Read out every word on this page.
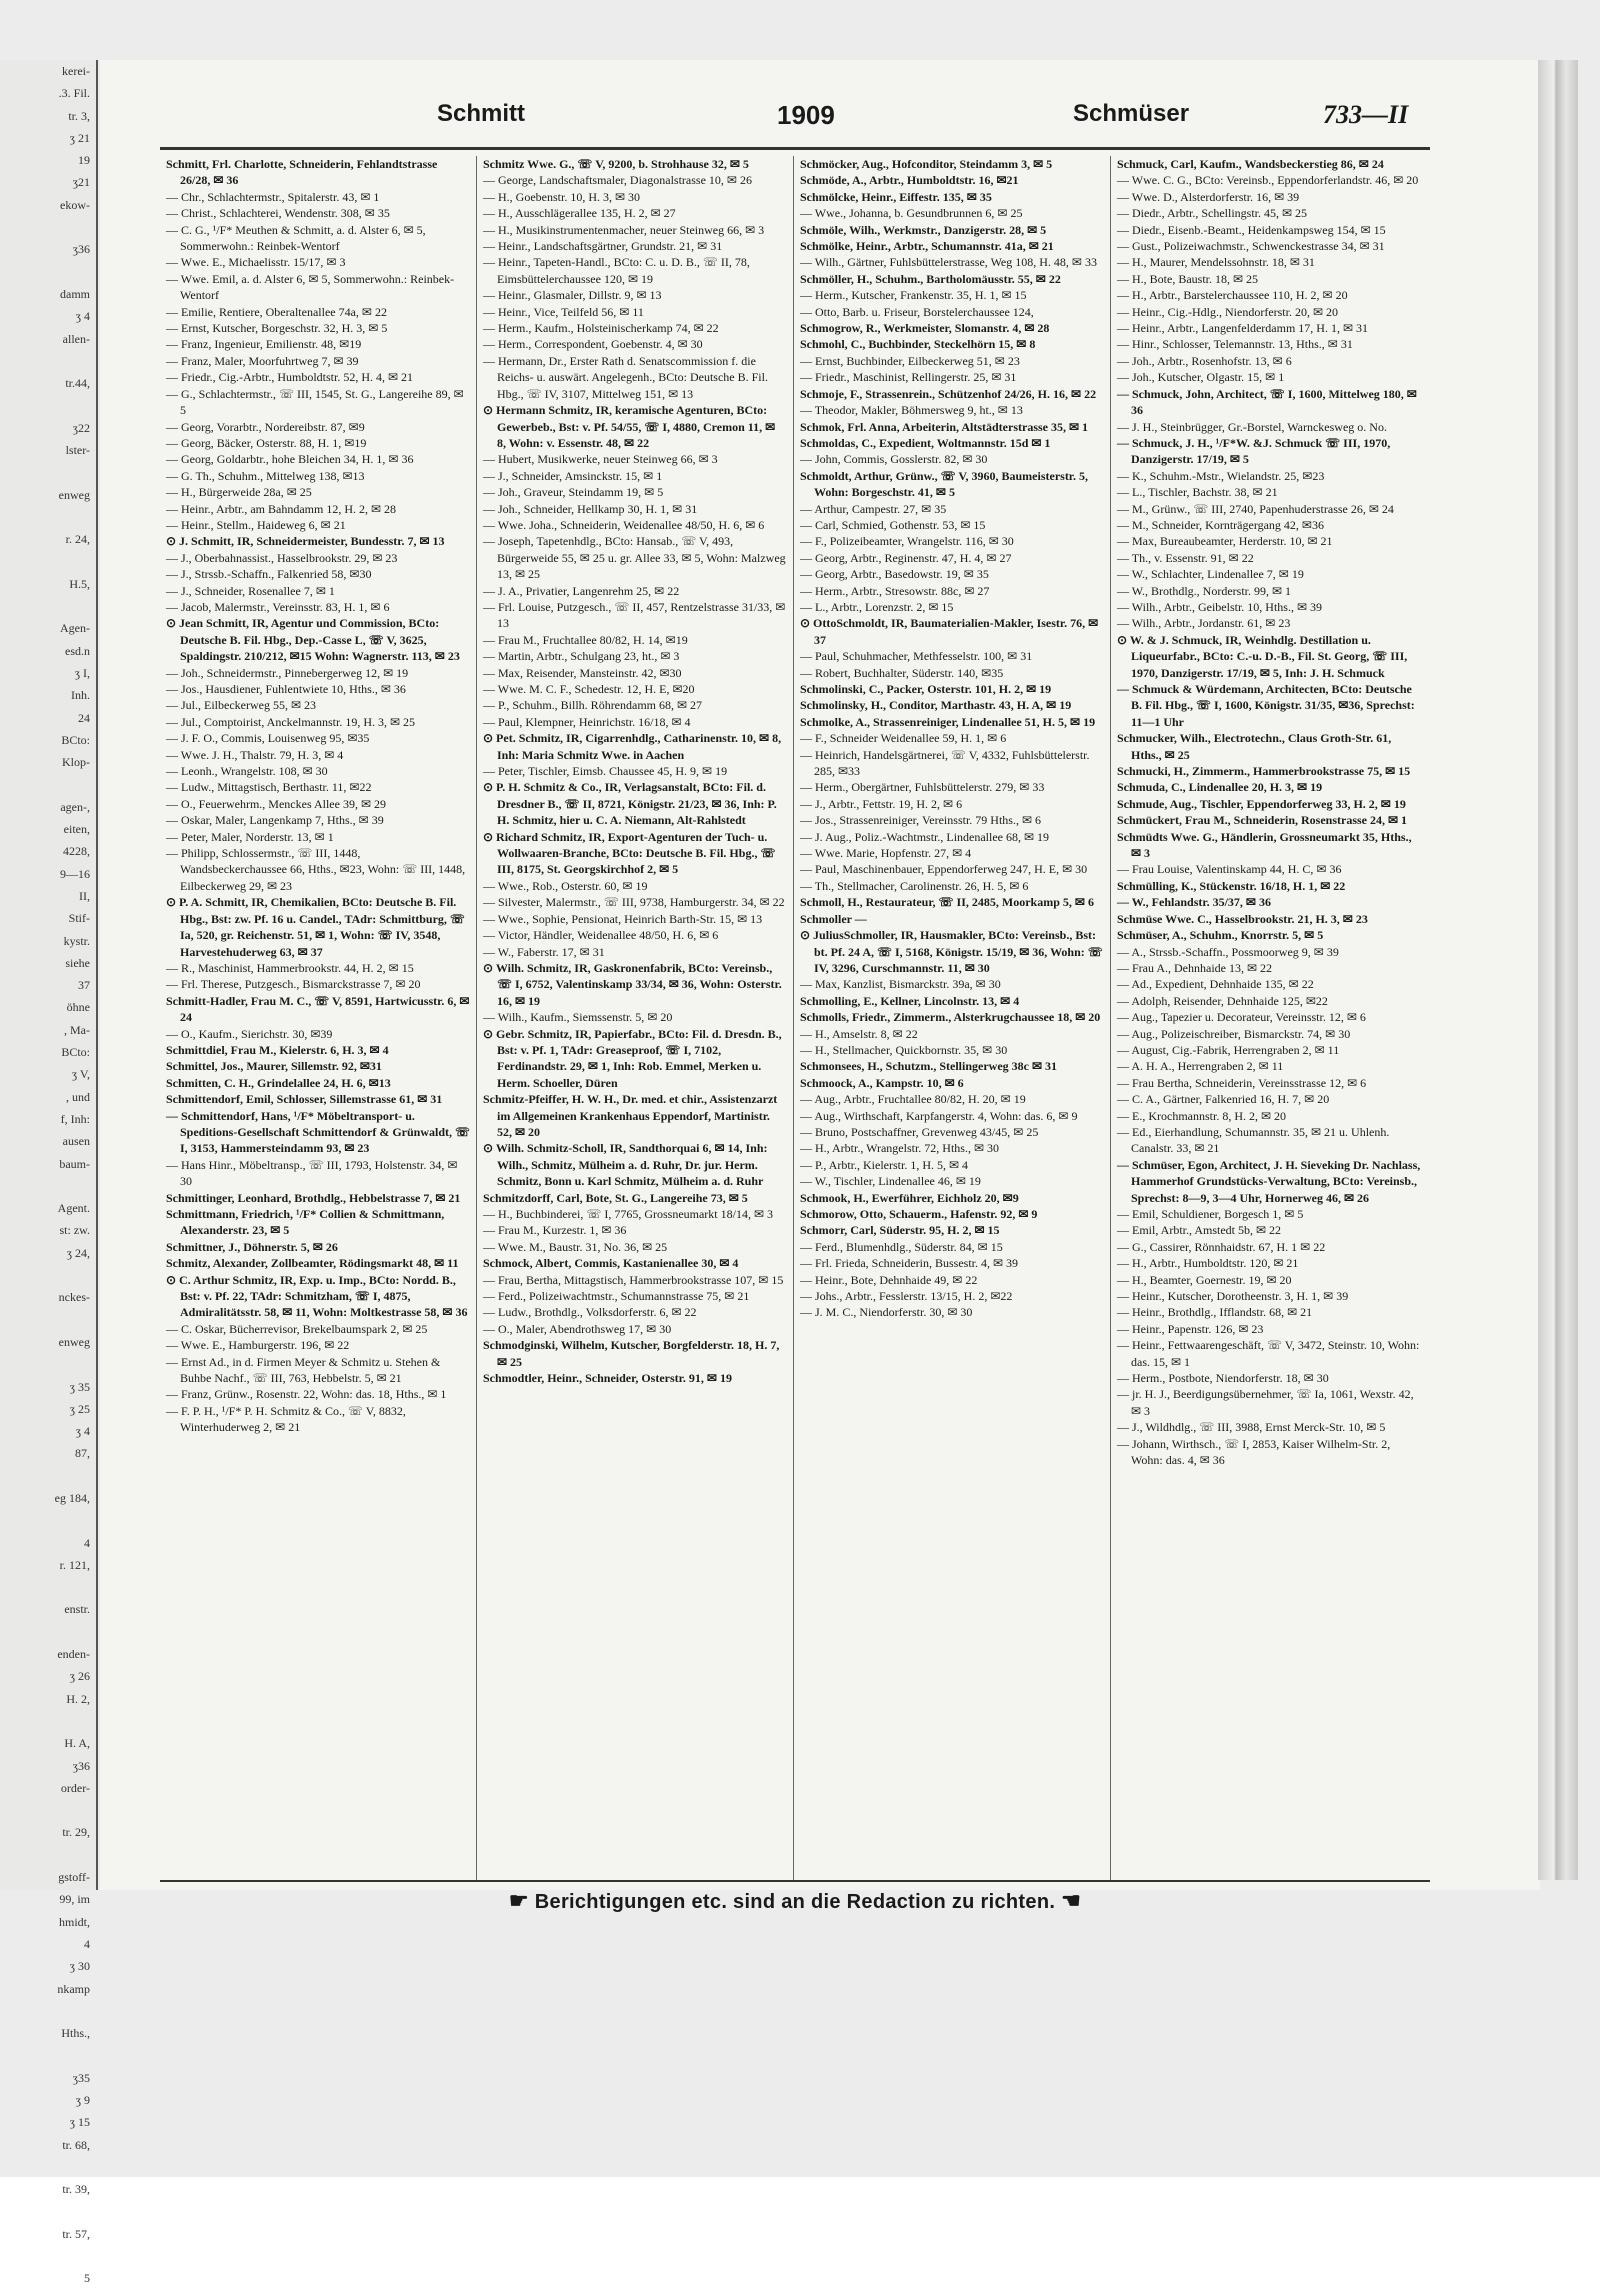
kerei-
.3. Fil.
tr. 3,
ʒ 21
19
ʒ21
ekow-

ʒ36

damm
ʒ 4
allen-

tr.44,

ʒ22
lster-

enweg

r. 24,

H.5,

Agen-
esd.n
ʒ I,
Inh.
24
BCto:
Klop-

agen-,
eiten,
4228,
9—16
II,
Stif-
kystr.
siehe
37
öhne
, Ma-
BCto:
ʒ V,
, und
f, Inh:
ausen
baum-

Agent.
st: zw.
ʒ 24,

nckes-

enweg

ʒ 35
ʒ 25
ʒ 4
87,

eg 184,

4
r. 121,

enstr.

enden-
ʒ 26
H. 2,

H. A,
ʒ36
order-

tr. 29,

gstoff-
99, im
hmidt,
4
ʒ 30
nkamp

Hths.,

ʒ35
ʒ 9
ʒ 15
tr. 68,

tr. 39,

tr. 57,

5
Schmitt	1909	Schmüser	733—II

Schmitt, Frl. Charlotte, Schneiderin, Fehlandtstrasse 26/28, ✉ 36

— Chr., Schlachtermstr., Spitalerstr. 43, ✉ 1

— Christ., Schlachterei, Wendenstr. 308, ✉ 35

— C. G., ¹/F* Meuthen & Schmitt, a. d. Alster 6, ✉ 5, Sommerwohn.: Reinbek-Wentorf

— Wwe. E., Michaelisstr. 15/17, ✉ 3

— Wwe. Emil, a. d. Alster 6, ✉ 5, Sommerwohn.: Reinbek-Wentorf

— Emilie, Rentiere, Oberaltenallee 74a, ✉ 22

— Ernst, Kutscher, Borgeschstr. 32, H. 3, ✉ 5

— Franz, Ingenieur, Emilienstr. 48, ✉19

— Franz, Maler, Moorfuhrtweg 7, ✉ 39

— Friedr., Cig.-Arbtr., Humboldtstr. 52, H. 4, ✉ 21

— G., Schlachtermstr., ☏ III, 1545, St. G., Langereihe 89, ✉ 5

— Georg, Vorarbtr., Nordereibstr. 87, ✉9

— Georg, Bäcker, Osterstr. 88, H. 1, ✉19

— Georg, Goldarbtr., hohe Bleichen 34, H. 1, ✉ 36

— G. Th., Schuhm., Mittelweg 138, ✉13

— H., Bürgerweide 28a, ✉ 25

— Heinr., Arbtr., am Bahndamm 12, H. 2, ✉ 28

— Heinr., Stellm., Haideweg 6, ✉ 21

⊙ J. Schmitt, IR, Schneidermeister, Bundesstr. 7, ✉ 13

— J., Oberbahnassist., Hasselbrookstr. 29, ✉ 23

— J., Strssb.-Schaffn., Falkenried 58, ✉30

— J., Schneider, Rosenallee 7, ✉ 1

— Jacob, Malermstr., Vereinsstr. 83, H. 1, ✉ 6

⊙ Jean Schmitt, IR, Agentur und Commission, BCto: Deutsche B. Fil. Hbg., Dep.-Casse L, ☏ V, 3625, Spaldingstr. 210/212, ✉15 Wohn: Wagnerstr. 113, ✉ 23

— Joh., Schneidermstr., Pinnebergerweg 12, ✉ 19

— Jos., Hausdiener, Fuhlentwiete 10, Hths., ✉ 36

— Jul., Eilbeckerweg 55, ✉ 23

— Jul., Comptoirist, Anckelmannstr. 19, H. 3, ✉ 25

— J. F. O., Commis, Louisenweg 95, ✉35

— Wwe. J. H., Thalstr. 79, H. 3, ✉ 4

— Leonh., Wrangelstr. 108, ✉ 30

— Ludw., Mittagstisch, Berthastr. 11, ✉22

— O., Feuerwehrm., Menckes Allee 39, ✉ 29

— Oskar, Maler, Langenkamp 7, Hths., ✉ 39

— Peter, Maler, Norderstr. 13, ✉ 1

— Philipp, Schlossermstr., ☏ III, 1448, Wandsbeckerchaussee 66, Hths., ✉23, Wohn: ☏ III, 1448, Eilbeckerweg 29, ✉ 23

⊙ P. A. Schmitt, IR, Chemikalien, BCto: Deutsche B. Fil. Hbg., Bst: zw. Pf. 16 u. Candel., TAdr: Schmittburg, ☏ Ia, 520, gr. Reichenstr. 51, ✉ 1, Wohn: ☏ IV, 3548, Harvestehuderweg 63, ✉ 37

— R., Maschinist, Hammerbrookstr. 44, H. 2, ✉ 15

— Frl. Therese, Putzgesch., Bismarckstrasse 7, ✉ 20

Schmitt-Hadler, Frau M. C., ☏ V, 8591, Hartwicusstr. 6, ✉ 24

— O., Kaufm., Sierichstr. 30, ✉39

Schmittdiel, Frau M., Kielerstr. 6, H. 3, ✉ 4

Schmittel, Jos., Maurer, Sillemstr. 92, ✉31

Schmitten, C. H., Grindelallee 24, H. 6, ✉13

Schmittendorf, Emil, Schlosser, Sillemstrasse 61, ✉ 31

— Schmittendorf, Hans, ¹/F* Möbeltransport- u. Speditions-Gesellschaft Schmittendorf & Grünwaldt, ☏ I, 3153, Hammersteindamm 93, ✉ 23

— Hans Hinr., Möbeltransp., ☏ III, 1793, Holstenstr. 34, ✉ 30

Schmittinger, Leonhard, Brothdlg., Hebbelstrasse 7, ✉ 21

Schmittmann, Friedrich, ¹/F* Collien & Schmittmann, Alexanderstr. 23, ✉ 5

Schmittner, J., Döhnerstr. 5, ✉ 26

Schmitz, Alexander, Zollbeamter, Rödingsmarkt 48, ✉ 11

⊙ C. Arthur Schmitz, IR, Exp. u. Imp., BCto: Nordd. B., Bst: v. Pf. 22, TAdr: Schmitzham, ☏ I, 4875, Admiralitätsstr. 58, ✉ 11, Wohn: Moltkestrasse 58, ✉ 36

— C. Oskar, Bücherrevisor, Brekelbaumspark 2, ✉ 25

— Wwe. E., Hamburgerstr. 196, ✉ 22

— Ernst Ad., in d. Firmen Meyer & Schmitz u. Stehen & Buhbe Nachf., ☏ III, 763, Hebbelstr. 5, ✉ 21

— Franz, Grünw., Rosenstr. 22, Wohn: das. 18, Hths., ✉ 1

— F. P. H., ¹/F* P. H. Schmitz & Co., ☏ V, 8832, Winterhuderweg 2, ✉ 21

Schmitz Wwe. G., ☏ V, 9200, b. Strohhause 32, ✉ 5

— George, Landschaftsmaler, Diagonalstrasse 10, ✉ 26

— H., Goebenstr. 10, H. 3, ✉ 30

— H., Ausschlägerallee 135, H. 2, ✉ 27

— H., Musikinstrumentenmacher, neuer Steinweg 66, ✉ 3

— Heinr., Landschaftsgärtner, Grundstr. 21, ✉ 31

— Heinr., Tapeten-Handl., BCto: C. u. D. B., ☏ II, 78, Eimsbüttelerchaussee 120, ✉ 19

— Heinr., Glasmaler, Dillstr. 9, ✉ 13

— Heinr., Vice, Teilfeld 56, ✉ 11

— Herm., Kaufm., Holsteinischerkamp 74, ✉ 22

— Herm., Correspondent, Goebenstr. 4, ✉ 30

— Hermann, Dr., Erster Rath d. Senatscommission f. die Reichs- u. auswärt. Angelegenh., BCto: Deutsche B. Fil. Hbg., ☏ IV, 3107, Mittelweg 151, ✉ 13

⊙ Hermann Schmitz, IR, keramische Agenturen, BCto: Gewerbeb., Bst: v. Pf. 54/55, ☏ I, 4880, Cremon 11, ✉ 8, Wohn: v. Essenstr. 48, ✉ 22

— Hubert, Musikwerke, neuer Steinweg 66, ✉ 3

— J., Schneider, Amsinckstr. 15, ✉ 1

— Joh., Graveur, Steindamm 19, ✉ 5

— Joh., Schneider, Hellkamp 30, H. 1, ✉ 31

— Wwe. Joha., Schneiderin, Weidenallee 48/50, H. 6, ✉ 6

— Joseph, Tapetenhdlg., BCto: Hansab., ☏ V, 493, Bürgerweide 55, ✉ 25 u. gr. Allee 33, ✉ 5, Wohn: Malzweg 13, ✉ 25

— J. A., Privatier, Langenrehm 25, ✉ 22

— Frl. Louise, Putzgesch., ☏ II, 457, Rentzelstrasse 31/33, ✉ 13

— Frau M., Fruchtallee 80/82, H. 14, ✉19

— Martin, Arbtr., Schulgang 23, ht., ✉ 3

— Max, Reisender, Mansteinstr. 42, ✉30

— Wwe. M. C. F., Schedestr. 12, H. E, ✉20

— P., Schuhm., Billh. Röhrendamm 68, ✉ 27

— Paul, Klempner, Heinrichstr. 16/18, ✉ 4

⊙ Pet. Schmitz, IR, Cigarrenhdlg., Catharinenstr. 10, ✉ 8, Inh: Maria Schmitz Wwe. in Aachen

— Peter, Tischler, Eimsb. Chaussee 45, H. 9, ✉ 19

⊙ P. H. Schmitz & Co., IR, Verlagsanstalt, BCto: Fil. d. Dresdner B., ☏ II, 8721, Königstr. 21/23, ✉ 36, Inh: P. H. Schmitz, hier u. C. A. Niemann, Alt-Rahlstedt

⊙ Richard Schmitz, IR, Export-Agenturen der Tuch- u. Wollwaaren-Branche, BCto: Deutsche B. Fil. Hbg., ☏ III, 8175, St. Georgskirchhof 2, ✉ 5

— Wwe., Rob., Osterstr. 60, ✉ 19

— Silvester, Malermstr., ☏ III, 9738, Hamburgerstr. 34, ✉ 22

— Wwe., Sophie, Pensionat, Heinrich Barth-Str. 15, ✉ 13

— Victor, Händler, Weidenallee 48/50, H. 6, ✉ 6

— W., Faberstr. 17, ✉ 31

⊙ Wilh. Schmitz, IR, Gaskronenfabrik, BCto: Vereinsb., ☏ I, 6752, Valentinskamp 33/34, ✉ 36, Wohn: Osterstr. 16, ✉ 19

— Wilh., Kaufm., Siemssenstr. 5, ✉ 20

⊙ Gebr. Schmitz, IR, Papierfabr., BCto: Fil. d. Dresdn. B., Bst: v. Pf. 1, TAdr: Greaseproof, ☏ I, 7102, Ferdinandstr. 29, ✉ 1, Inh: Rob. Emmel, Merken u. Herm. Schoeller, Düren

Schmitz-Pfeiffer, H. W. H., Dr. med. et chir., Assistenzarzt im Allgemeinen Krankenhaus Eppendorf, Martinistr. 52, ✉ 20

⊙ Wilh. Schmitz-Scholl, IR, Sandthorquai 6, ✉ 14, Inh: Wilh., Schmitz, Mülheim a. d. Ruhr, Dr. jur. Herm. Schmitz, Bonn u. Karl Schmitz, Mülheim a. d. Ruhr

Schmitzdorff, Carl, Bote, St. G., Langereihe 73, ✉ 5

— H., Buchbinderei, ☏ I, 7765, Grossneumarkt 18/14, ✉ 3

— Frau M., Kurzestr. 1, ✉ 36

— Wwe. M., Baustr. 31, No. 36, ✉ 25

Schmock, Albert, Commis, Kastanienallee 30, ✉ 4

— Frau, Bertha, Mittagstisch, Hammerbrookstrasse 107, ✉ 15

— Ferd., Polizeiwachtmstr., Schumannstrasse 75, ✉ 21

— Ludw., Brothdlg., Volksdorferstr. 6, ✉ 22

— O., Maler, Abendrothsweg 17, ✉ 30

Schmodginski, Wilhelm, Kutscher, Borgfelderstr. 18, H. 7, ✉ 25

Schmodtler, Heinr., Schneider, Osterstr. 91, ✉ 19

Schmöcker, Aug., Hofconditor, Steindamm 3, ✉ 5

Schmöde, A., Arbtr., Humboldtstr. 16, ✉21

Schmölcke, Heinr., Eiffestr. 135, ✉ 35

— Wwe., Johanna, b. Gesundbrunnen 6, ✉ 25

Schmöle, Wilh., Werkmstr., Danzigerstr. 28, ✉ 5

Schmölke, Heinr., Arbtr., Schumannstr. 41a, ✉ 21

— Wilh., Gärtner, Fuhlsbüttelerstrasse, Weg 108, H. 48, ✉ 33

Schmöller, H., Schuhm., Bartholomäusstr. 55, ✉ 22

— Herm., Kutscher, Frankenstr. 35, H. 1, ✉ 15

— Otto, Barb. u. Friseur, Borstelerchaussee 124,

Schmogrow, R., Werkmeister, Slomanstr. 4, ✉ 28

Schmohl, C., Buchbinder, Steckelhörn 15, ✉ 8

— Ernst, Buchbinder, Eilbeckerweg 51, ✉ 23

— Friedr., Maschinist, Rellingerstr. 25, ✉ 31

Schmoje, F., Strassenrein., Schützenhof 24/26, H. 16, ✉ 22

— Theodor, Makler, Böhmersweg 9, ht., ✉ 13

Schmok, Frl. Anna, Arbeiterin, Altstädterstrasse 35, ✉ 1

Schmoldas, C., Expedient, Woltmannstr. 15d ✉ 1

— John, Commis, Gosslerstr. 82, ✉ 30

Schmoldt, Arthur, Grünw., ☏ V, 3960, Baumeisterstr. 5, Wohn: Borgeschstr. 41, ✉ 5

— Arthur, Campestr. 27, ✉ 35

— Carl, Schmied, Gothenstr. 53, ✉ 15

— F., Polizeibeamter, Wrangelstr. 116, ✉ 30

— Georg, Arbtr., Reginenstr. 47, H. 4, ✉ 27

— Georg, Arbtr., Basedowstr. 19, ✉ 35

— Herm., Arbtr., Stresowstr. 88c, ✉ 27

— L., Arbtr., Lorenzstr. 2, ✉ 15

⊙ OttoSchmoldt, IR, Baumaterialien-Makler, Isestr. 76, ✉ 37

— Paul, Schuhmacher, Methfesselstr. 100, ✉ 31

— Robert, Buchhalter, Süderstr. 140, ✉35

Schmolinski, C., Packer, Osterstr. 101, H. 2, ✉ 19

Schmolinsky, H., Conditor, Marthastr. 43, H. A, ✉ 19

Schmolke, A., Strassenreiniger, Lindenallee 51, H. 5, ✉ 19

— F., Schneider Weidenallee 59, H. 1, ✉ 6

— Heinrich, Handelsgärtnerei, ☏ V, 4332, Fuhlsbüttelerstr. 285, ✉33

— Herm., Obergärtner, Fuhlsbüttelerstr. 279, ✉ 33

— J., Arbtr., Fettstr. 19, H. 2, ✉ 6

— Jos., Strassenreiniger, Vereinsstr. 79 Hths., ✉ 6

— J. Aug., Poliz.-Wachtmstr., Lindenallee 68, ✉ 19

— Wwe. Marie, Hopfenstr. 27, ✉ 4

— Paul, Maschinenbauer, Eppendorferweg 247, H. E, ✉ 30

— Th., Stellmacher, Carolinenstr. 26, H. 5, ✉ 6

Schmoll, H., Restaurateur, ☏ II, 2485, Moorkamp 5, ✉ 6

Schmoller —

⊙ JuliusSchmoller, IR, Hausmakler, BCto: Vereinsb., Bst: bt. Pf. 24 A, ☏ I, 5168, Königstr. 15/19, ✉ 36, Wohn: ☏ IV, 3296, Curschmannstr. 11, ✉ 30

— Max, Kanzlist, Bismarckstr. 39a, ✉ 30

Schmolling, E., Kellner, Lincolnstr. 13, ✉ 4

Schmolls, Friedr., Zimmerm., Alsterkrugchaussee 18, ✉ 20

— H., Amselstr. 8, ✉ 22

— H., Stellmacher, Quickbornstr. 35, ✉ 30

Schmonsees, H., Schutzm., Stellingerweg 38c ✉ 31

Schmoock, A., Kampstr. 10, ✉ 6

— Aug., Arbtr., Fruchtallee 80/82, H. 20, ✉ 19

— Aug., Wirthschaft, Karpfangerstr. 4, Wohn: das. 6, ✉ 9

— Bruno, Postschaffner, Grevenweg 43/45, ✉ 25

— H., Arbtr., Wrangelstr. 72, Hths., ✉ 30

— P., Arbtr., Kielerstr. 1, H. 5, ✉ 4

— W., Tischler, Lindenallee 46, ✉ 19

Schmook, H., Ewerführer, Eichholz 20, ✉9

Schmorow, Otto, Schauerm., Hafenstr. 92, ✉ 9

Schmorr, Carl, Süderstr. 95, H. 2, ✉ 15

— Ferd., Blumenhdlg., Süderstr. 84, ✉ 15

— Frl. Frieda, Schneiderin, Bussestr. 4, ✉ 39

— Heinr., Bote, Dehnhaide 49, ✉ 22

— Johs., Arbtr., Fesslerstr. 13/15, H. 2, ✉22

— J. M. C., Niendorferstr. 30, ✉ 30

Schmuck, Carl, Kaufm., Wandsbeckerstieg 86, ✉ 24

— Wwe. C. G., BCto: Vereinsb., Eppendorferlandstr. 46, ✉ 20

— Wwe. D., Alsterdorferstr. 16, ✉ 39

— Diedr., Arbtr., Schellingstr. 45, ✉ 25

— Diedr., Eisenb.-Beamt., Heidenkampsweg 154, ✉ 15

— Gust., Polizeiwachmstr., Schwenckestrasse 34, ✉ 31

— H., Maurer, Mendelssohnstr. 18, ✉ 31

— H., Bote, Baustr. 18, ✉ 25

— H., Arbtr., Barstelerchaussee 110, H. 2, ✉ 20

— Heinr., Cig.-Hdlg., Niendorferstr. 20, ✉ 20

— Heinr., Arbtr., Langenfelderdamm 17, H. 1, ✉ 31

— Hinr., Schlosser, Telemannstr. 13, Hths., ✉ 31

— Joh., Arbtr., Rosenhofstr. 13, ✉ 6

— Joh., Kutscher, Olgastr. 15, ✉ 1

— Schmuck, John, Architect, ☏ I, 1600, Mittelweg 180, ✉ 36

— J. H., Steinbrügger, Gr.-Borstel, Warnckesweg o. No.

— Schmuck, J. H., ¹/F*W. &J. Schmuck ☏ III, 1970, Danzigerstr. 17/19, ✉ 5

— K., Schuhm.-Mstr., Wielandstr. 25, ✉23

— L., Tischler, Bachstr. 38, ✉ 21

— M., Grünw., ☏ III, 2740, Papenhuderstrasse 26, ✉ 24

— M., Schneider, Kornträgergang 42, ✉36

— Max, Bureaubeamter, Herderstr. 10, ✉ 21

— Th., v. Essenstr. 91, ✉ 22

— W., Schlachter, Lindenallee 7, ✉ 19

— W., Brothdlg., Norderstr. 99, ✉ 1

— Wilh., Arbtr., Geibelstr. 10, Hths., ✉ 39

— Wilh., Arbtr., Jordanstr. 61, ✉ 23

⊙ W. & J. Schmuck, IR, Weinhdlg. Destillation u. Liqueurfabr., BCto: C.-u. D.-B., Fil. St. Georg, ☏ III, 1970, Danzigerstr. 17/19, ✉ 5, Inh: J. H. Schmuck

— Schmuck & Würdemann, Architecten, BCto: Deutsche B. Fil. Hbg., ☏ I, 1600, Königstr. 31/35, ✉36, Sprechst: 11—1 Uhr

Schmucker, Wilh., Electrotechn., Claus Groth-Str. 61, Hths., ✉ 25

Schmucki, H., Zimmerm., Hammerbrookstrasse 75, ✉ 15

Schmuda, C., Lindenallee 20, H. 3, ✉ 19

Schmude, Aug., Tischler, Eppendorferweg 33, H. 2, ✉ 19

Schmückert, Frau M., Schneiderin, Rosenstrasse 24, ✉ 1

Schmüdts Wwe. G., Händlerin, Grossneumarkt 35, Hths., ✉ 3

— Frau Louise, Valentinskamp 44, H. C, ✉ 36

Schmülling, K., Stückenstr. 16/18, H. 1, ✉ 22

— W., Fehlandstr. 35/37, ✉ 36

Schmüse Wwe. C., Hasselbrookstr. 21, H. 3, ✉ 23

Schmüser, A., Schuhm., Knorrstr. 5, ✉ 5

— A., Strssb.-Schaffn., Possmoorweg 9, ✉ 39

— Frau A., Dehnhaide 13, ✉ 22

— Ad., Expedient, Dehnhaide 135, ✉ 22

— Adolph, Reisender, Dehnhaide 125, ✉22

— Aug., Tapezier u. Decorateur, Vereinsstr. 12, ✉ 6

— Aug., Polizeischreiber, Bismarckstr. 74, ✉ 30

— August, Cig.-Fabrik, Herrengraben 2, ✉ 11

— A. H. A., Herrengraben 2, ✉ 11

— Frau Bertha, Schneiderin, Vereinsstrasse 12, ✉ 6

— C. A., Gärtner, Falkenried 16, H. 7, ✉ 20

— E., Krochmannstr. 8, H. 2, ✉ 20

— Ed., Eierhandlung, Schumannstr. 35, ✉ 21 u. Uhlenh. Canalstr. 33, ✉ 21

— Schmüser, Egon, Architect, J. H. Sieveking Dr. Nachlass, Hammerhof Grundstücks-Verwaltung, BCto: Vereinsb., Sprechst: 8—9, 3—4 Uhr, Hornerweg 46, ✉ 26

— Emil, Schuldiener, Borgesch 1, ✉ 5

— Emil, Arbtr., Amstedt 5b, ✉ 22

— G., Cassirer, Rönnhaidstr. 67, H. 1 ✉ 22

— H., Arbtr., Humboldtstr. 120, ✉ 21

— H., Beamter, Goernestr. 19, ✉ 20

— Heinr., Kutscher, Dorotheenstr. 3, H. 1, ✉ 39

— Heinr., Brothdlg., Ifflandstr. 68, ✉ 21

— Heinr., Papenstr. 126, ✉ 23

— Heinr., Fettwaarengeschäft, ☏ V, 3472, Steinstr. 10, Wohn: das. 15, ✉ 1

— Herm., Postbote, Niendorferstr. 18, ✉ 30

— jr. H. J., Beerdigungsübernehmer, ☏ Ia, 1061, Wexstr. 42, ✉ 3

— J., Wildhdlg., ☏ III, 3988, Ernst Merck-Str. 10, ✉ 5

— Johann, Wirthsch., ☏ I, 2853, Kaiser Wilhelm-Str. 2, Wohn: das. 4, ✉ 36

☛ Berichtigungen etc. sind an die Redaction zu richten. ☚
